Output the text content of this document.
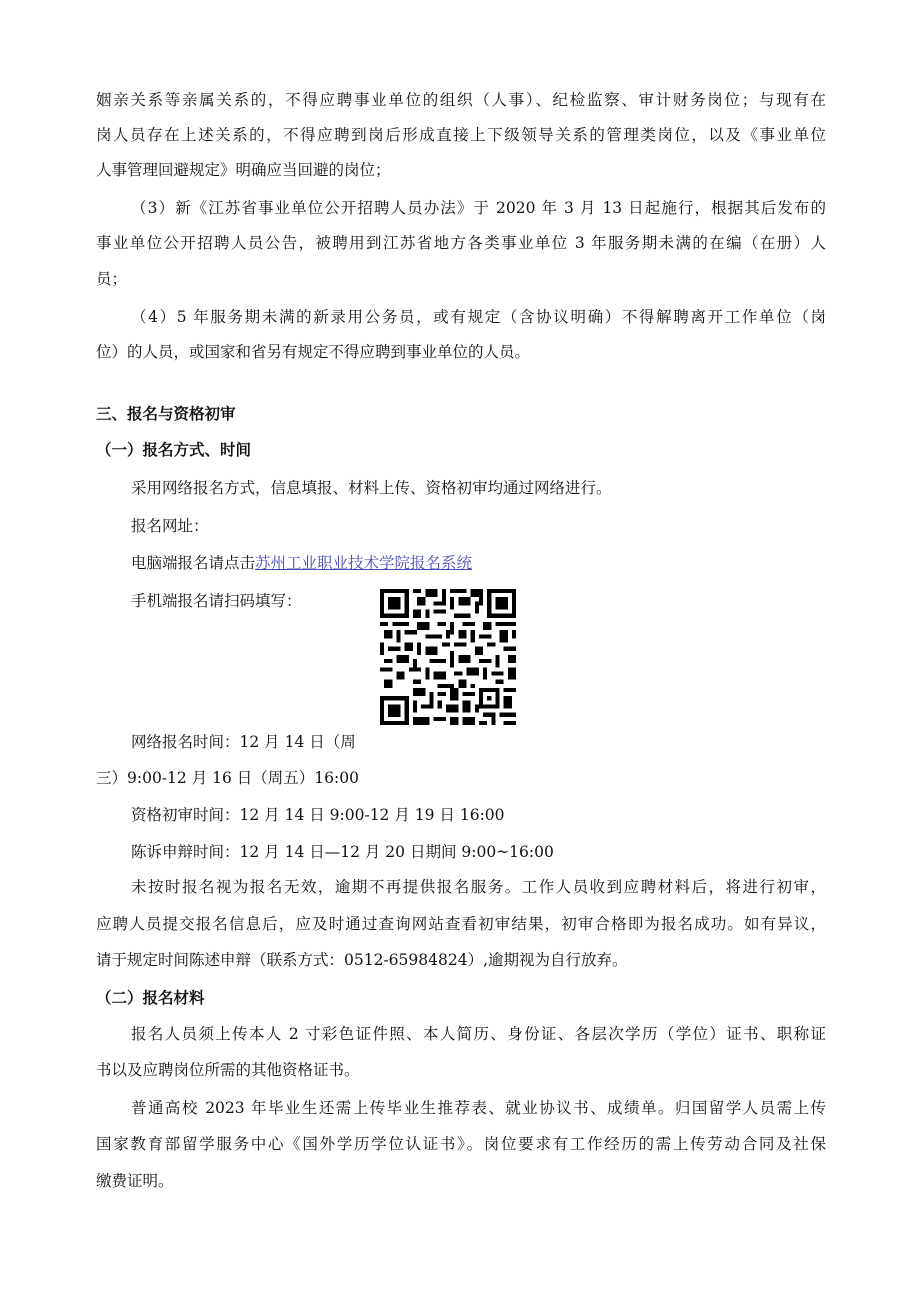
姻亲关系等亲属关系的，不得应聘事业单位的组织（人事）、纪检监察、审计财务岗位；与现有在
岗人员存在上述关系的，不得应聘到岗后形成直接上下级领导关系的管理类岗位，以及《事业单位
人事管理回避规定》明确应当回避的岗位；
（3）新《江苏省事业单位公开招聘人员办法》于 2020 年 3 月 13 日起施行，根据其后发布的
事业单位公开招聘人员公告，被聘用到江苏省地方各类事业单位 3 年服务期未满的在编（在册）人
员；
（4）5 年服务期未满的新录用公务员，或有规定（含协议明确）不得解聘离开工作单位（岗
位）的人员，或国家和省另有规定不得应聘到事业单位的人员。
三、报名与资格初审
（一）报名方式、时间
采用网络报名方式，信息填报、材料上传、资格初审均通过网络进行。
报名网址：
电脑端报名请点击苏州工业职业技术学院报名系统
手机端报名请扫码填写：
网络报名时间：12 月 14 日（周
三）9:00-12 月 16 日（周五）16:00
资格初审时间：12 月 14 日 9:00-12 月 19 日 16:00
陈诉申辩时间：12 月 14 日—12 月 20 日期间 9:00~16:00
未按时报名视为报名无效，逾期不再提供报名服务。工作人员收到应聘材料后，将进行初审，
应聘人员提交报名信息后，应及时通过查询网站查看初审结果，初审合格即为报名成功。如有异议，
请于规定时间陈述申辩（联系方式：0512-65984824）,逾期视为自行放弃。
（二）报名材料
报名人员须上传本人 2 寸彩色证件照、本人简历、身份证、各层次学历（学位）证书、职称证
书以及应聘岗位所需的其他资格证书。
普通高校 2023 年毕业生还需上传毕业生推荐表、就业协议书、成绩单。归国留学人员需上传
国家教育部留学服务中心《国外学历学位认证书》。岗位要求有工作经历的需上传劳动合同及社保
缴费证明。
